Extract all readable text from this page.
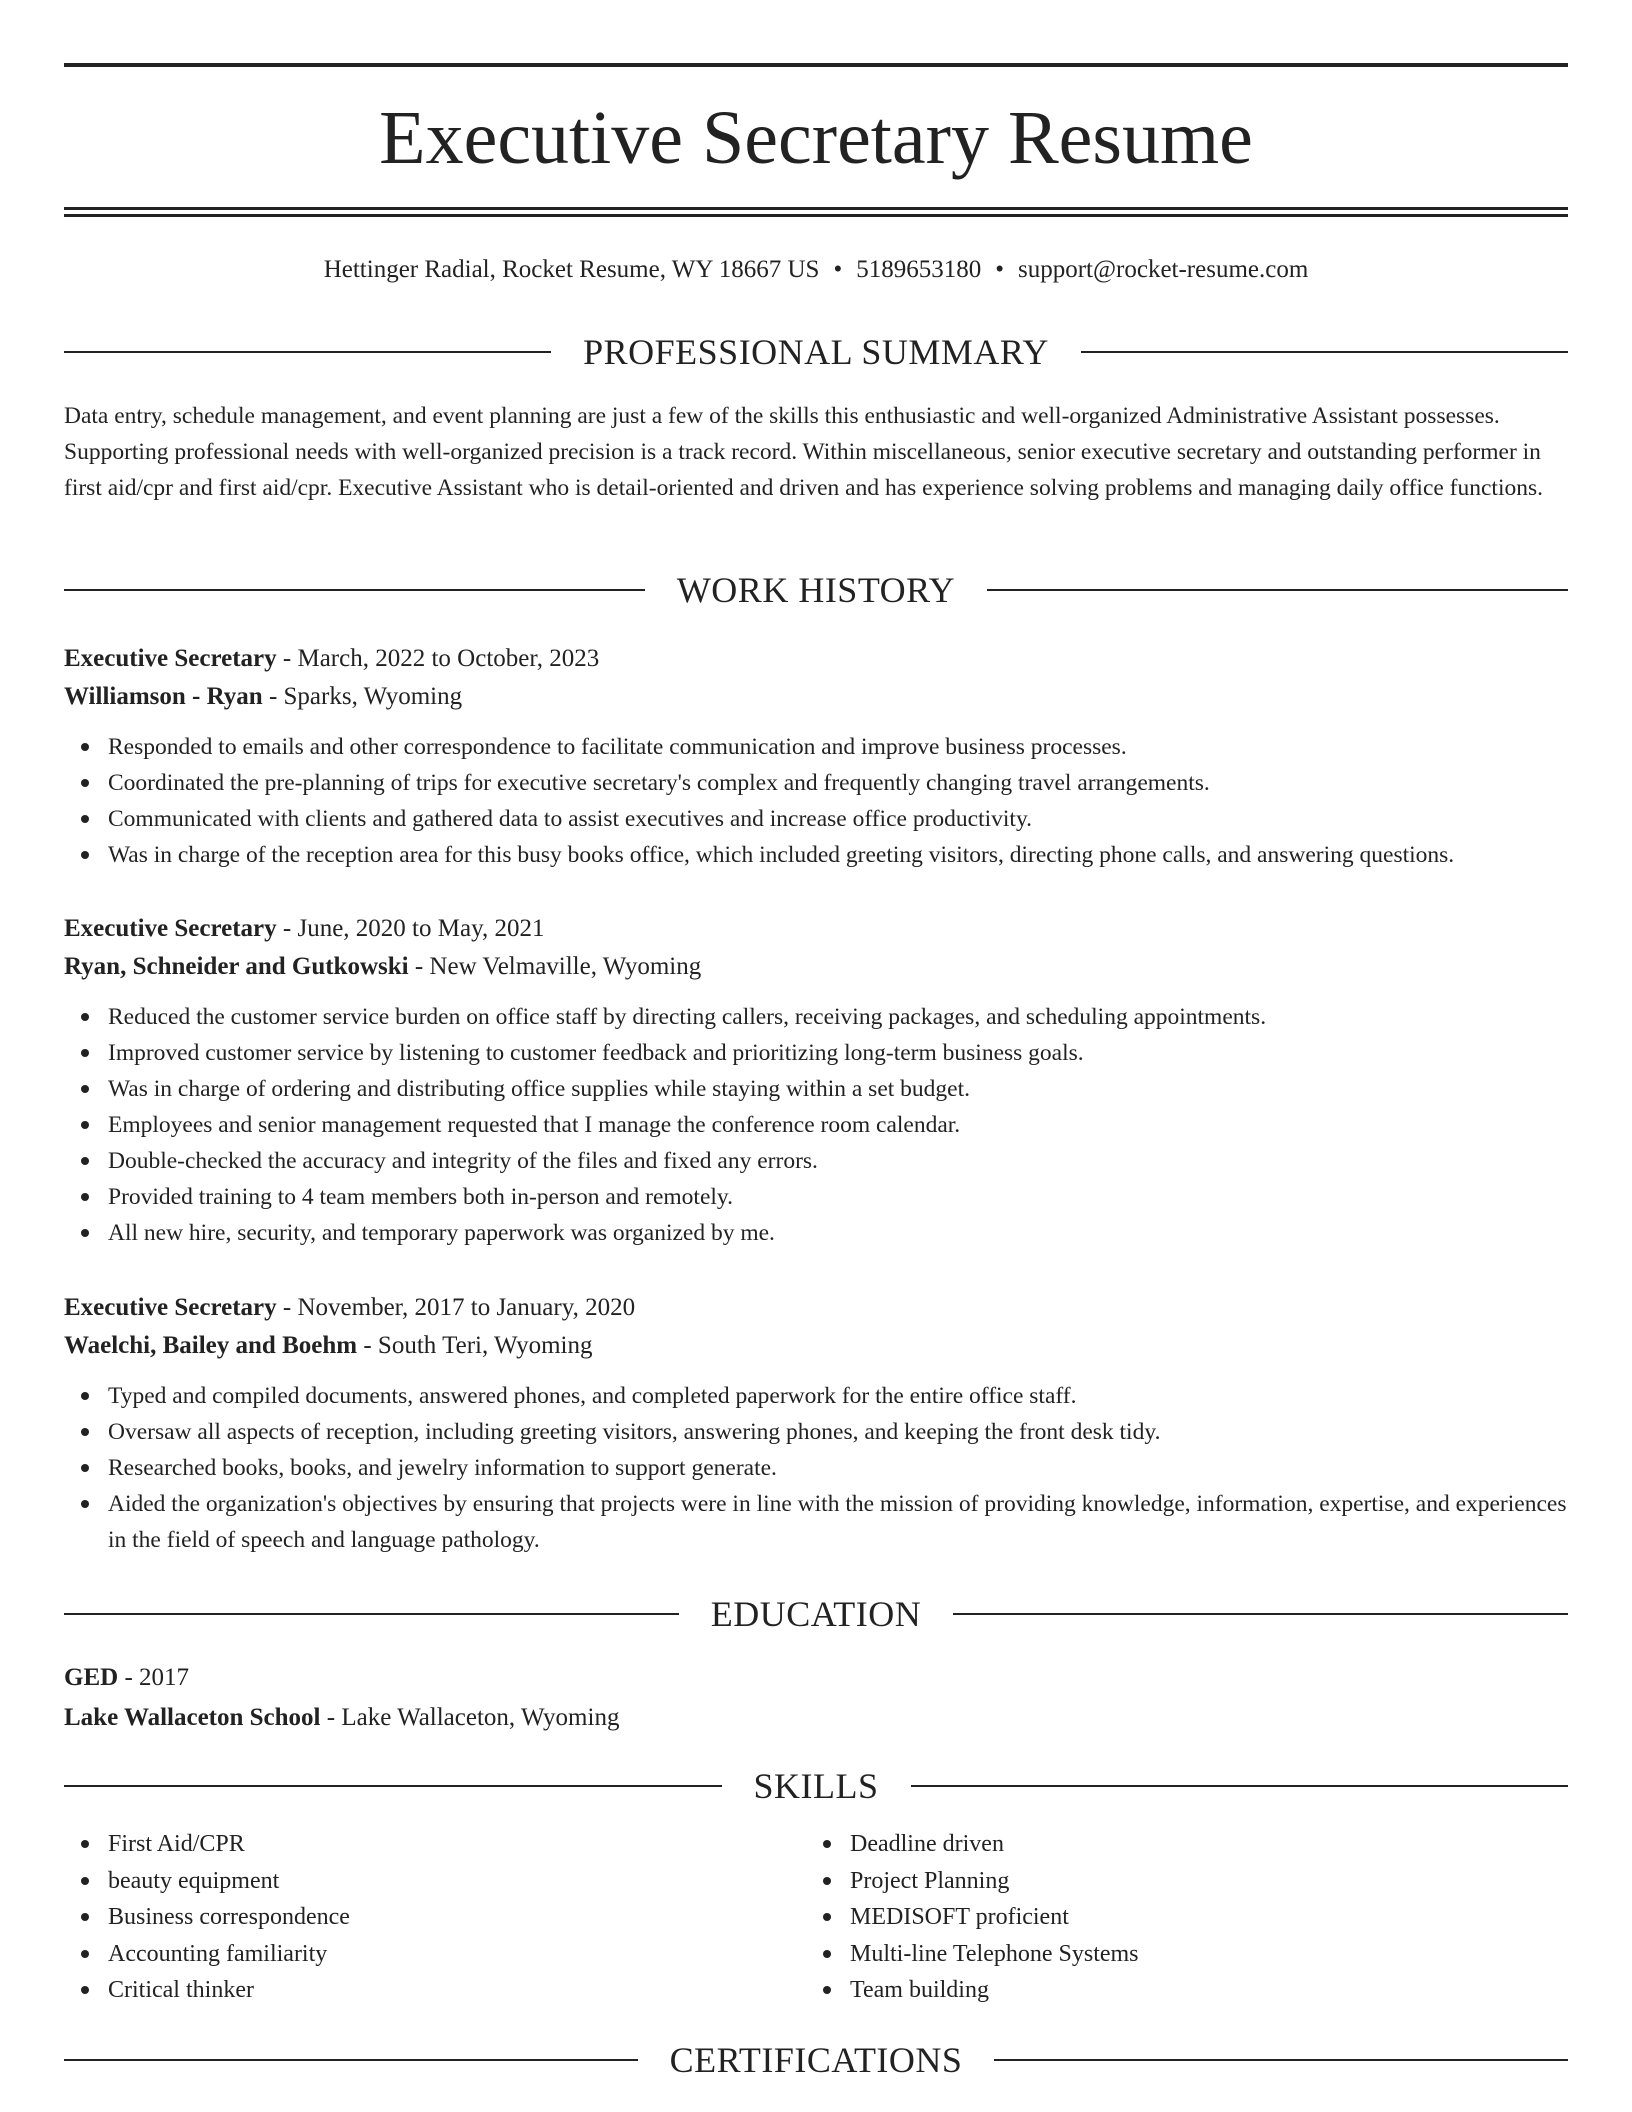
Executive Secretary Resume
Hettinger Radial, Rocket Resume, WY 18667 US • 5189653180 • support@rocket-resume.com
PROFESSIONAL SUMMARY
Data entry, schedule management, and event planning are just a few of the skills this enthusiastic and well-organized Administrative Assistant possesses. Supporting professional needs with well-organized precision is a track record. Within miscellaneous, senior executive secretary and outstanding performer in first aid/cpr and first aid/cpr. Executive Assistant who is detail-oriented and driven and has experience solving problems and managing daily office functions.
WORK HISTORY
Executive Secretary - March, 2022 to October, 2023
Williamson - Ryan - Sparks, Wyoming
Responded to emails and other correspondence to facilitate communication and improve business processes.
Coordinated the pre-planning of trips for executive secretary's complex and frequently changing travel arrangements.
Communicated with clients and gathered data to assist executives and increase office productivity.
Was in charge of the reception area for this busy books office, which included greeting visitors, directing phone calls, and answering questions.
Executive Secretary - June, 2020 to May, 2021
Ryan, Schneider and Gutkowski - New Velmaville, Wyoming
Reduced the customer service burden on office staff by directing callers, receiving packages, and scheduling appointments.
Improved customer service by listening to customer feedback and prioritizing long-term business goals.
Was in charge of ordering and distributing office supplies while staying within a set budget.
Employees and senior management requested that I manage the conference room calendar.
Double-checked the accuracy and integrity of the files and fixed any errors.
Provided training to 4 team members both in-person and remotely.
All new hire, security, and temporary paperwork was organized by me.
Executive Secretary - November, 2017 to January, 2020
Waelchi, Bailey and Boehm - South Teri, Wyoming
Typed and compiled documents, answered phones, and completed paperwork for the entire office staff.
Oversaw all aspects of reception, including greeting visitors, answering phones, and keeping the front desk tidy.
Researched books, books, and jewelry information to support generate.
Aided the organization's objectives by ensuring that projects were in line with the mission of providing knowledge, information, expertise, and experiences in the field of speech and language pathology.
EDUCATION
GED - 2017
Lake Wallaceton School - Lake Wallaceton, Wyoming
SKILLS
First Aid/CPR
beauty equipment
Business correspondence
Accounting familiarity
Critical thinker
Deadline driven
Project Planning
MEDISOFT proficient
Multi-line Telephone Systems
Team building
CERTIFICATIONS
